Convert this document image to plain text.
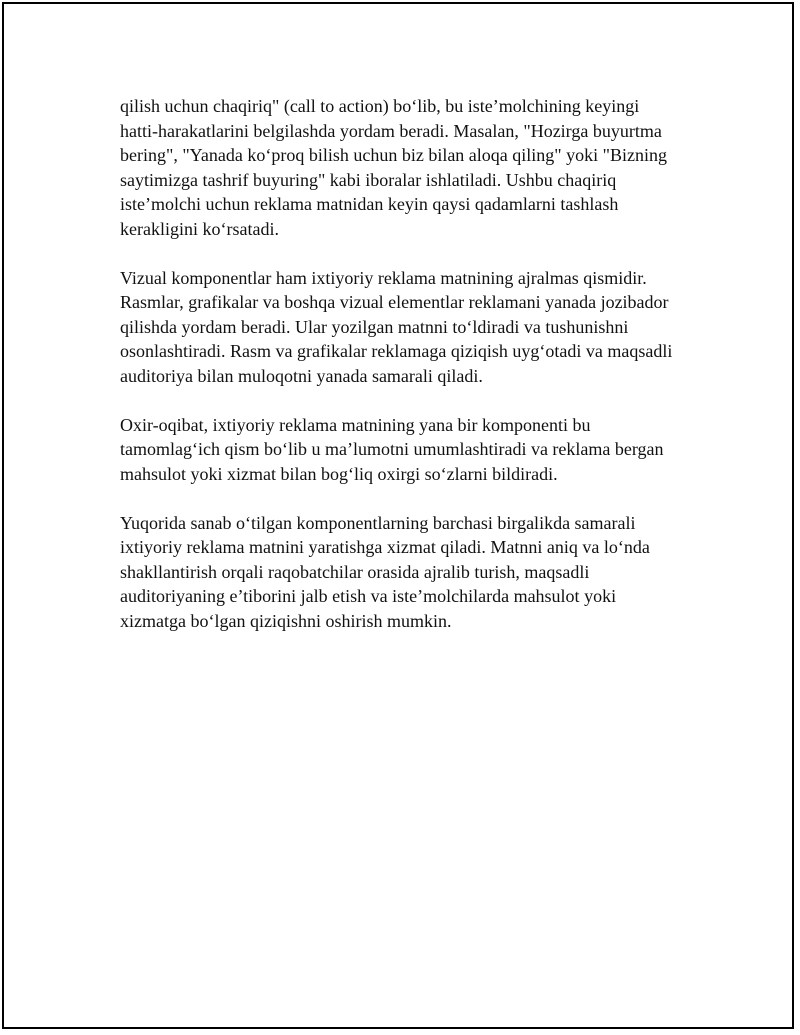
qilish uchun chaqiriq" (call to action) bo‘lib, bu iste’molchining keyingi
hatti-harakatlarini belgilashda yordam beradi. Masalan, "Hozirga buyurtma
bering", "Yanada ko‘proq bilish uchun biz bilan aloqa qiling" yoki "Bizning
saytimizga tashrif buyuring" kabi iboralar ishlatiladi. Ushbu chaqiriq
iste’molchi uchun reklama matnidan keyin qaysi qadamlarni tashlash
kerakligini ko‘rsatadi.

Vizual komponentlar ham ixtiyoriy reklama matnining ajralmas qismidir.
Rasmlar, grafikalar va boshqa vizual elementlar reklamani yanada jozibador
qilishda yordam beradi. Ular yozilgan matnni to‘ldiradi va tushunishni
osonlashtiradi. Rasm va grafikalar reklamaga qiziqish uyg‘otadi va maqsadli
auditoriya bilan muloqotni yanada samarali qiladi.

Oxir-oqibat, ixtiyoriy reklama matnining yana bir komponenti bu
tamomlag‘ich qism bo‘lib u ma’lumotni umumlashtiradi va reklama bergan
mahsulot yoki xizmat bilan bog‘liq oxirgi so‘zlarni bildiradi.

Yuqorida sanab o‘tilgan komponentlarning barchasi birgalikda samarali
ixtiyoriy reklama matnini yaratishga xizmat qiladi. Matnni aniq va lo‘nda
shakllantirish orqali raqobatchilar orasida ajralib turish, maqsadli
auditoriyaning e’tiborini jalb etish va iste’molchilarda mahsulot yoki
xizmatga bo‘lgan qiziqishni oshirish mumkin.
